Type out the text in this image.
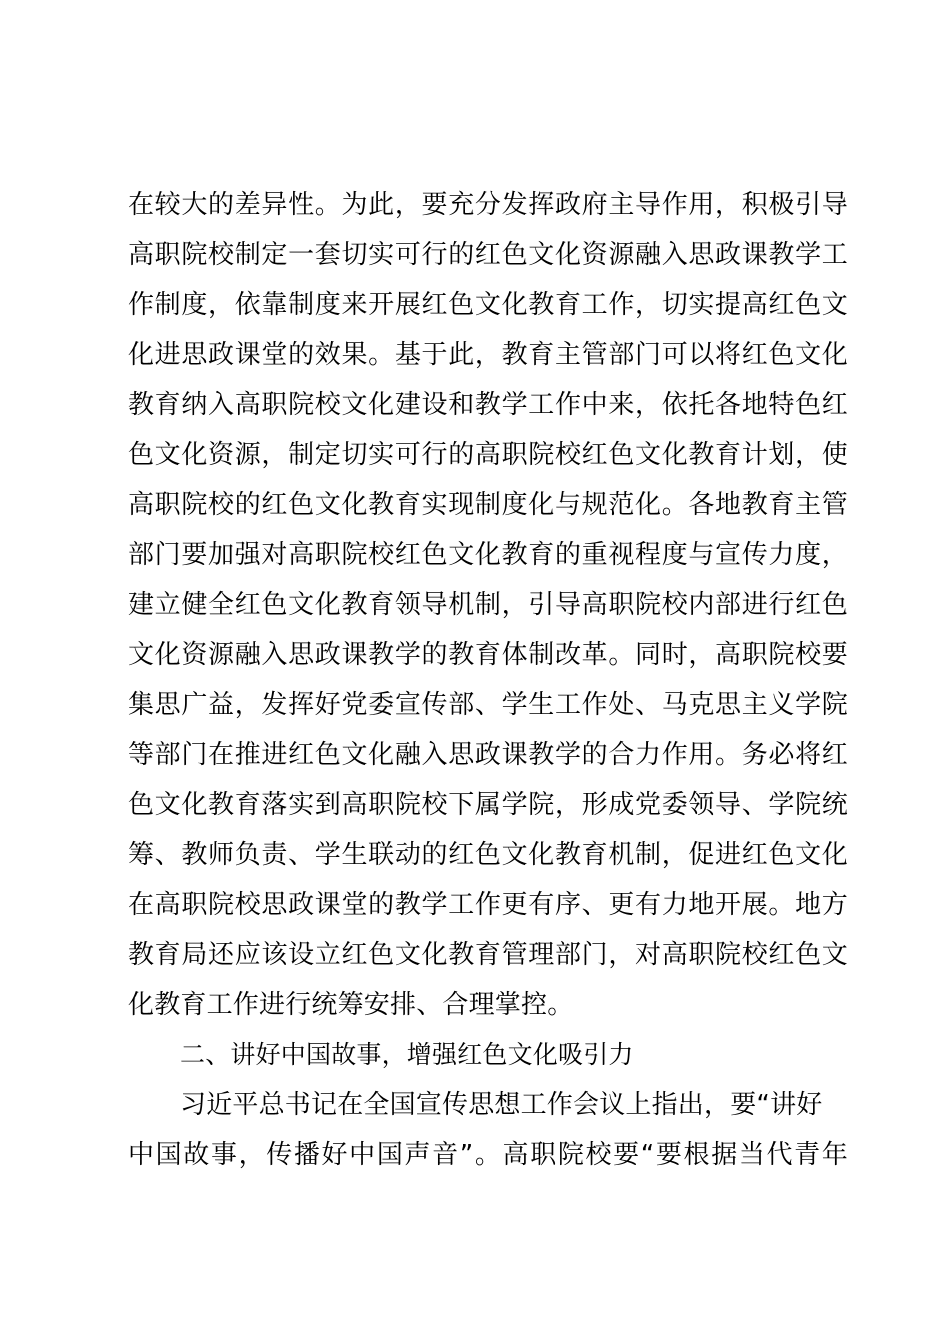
在较大的差异性。为此，要充分发挥政府主导作用，积极引导
高职院校制定一套切实可行的红色文化资源融入思政课教学工
作制度，依靠制度来开展红色文化教育工作，切实提高红色文
化进思政课堂的效果。基于此，教育主管部门可以将红色文化
教育纳入高职院校文化建设和教学工作中来，依托各地特色红
色文化资源，制定切实可行的高职院校红色文化教育计划，使
高职院校的红色文化教育实现制度化与规范化。各地教育主管
部门要加强对高职院校红色文化教育的重视程度与宣传力度，
建立健全红色文化教育领导机制，引导高职院校内部进行红色
文化资源融入思政课教学的教育体制改革。同时，高职院校要
集思广益，发挥好党委宣传部、学生工作处、马克思主义学院
等部门在推进红色文化融入思政课教学的合力作用。务必将红
色文化教育落实到高职院校下属学院，形成党委领导、学院统
筹、教师负责、学生联动的红色文化教育机制，促进红色文化
在高职院校思政课堂的教学工作更有序、更有力地开展。地方
教育局还应该设立红色文化教育管理部门，对高职院校红色文
化教育工作进行统筹安排、合理掌控。
二、讲好中国故事，增强红色文化吸引力
习近平总书记在全国宣传思想工作会议上指出，要“讲好
中国故事，传播好中国声音”。高职院校要“要根据当代青年
